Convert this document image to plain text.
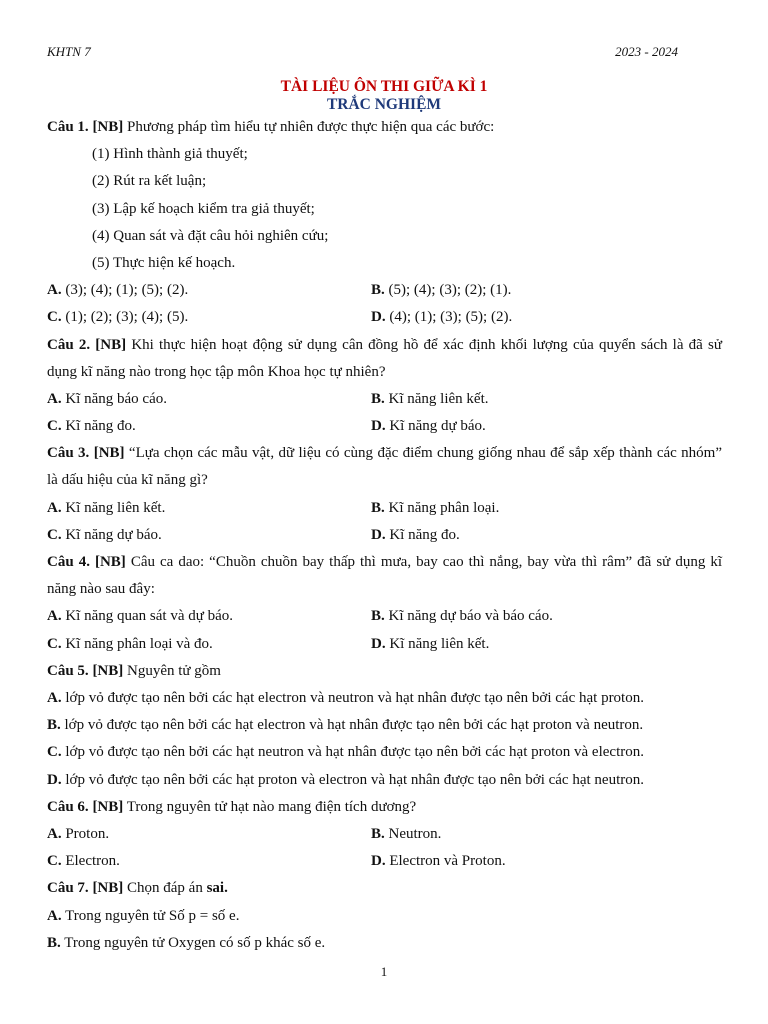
KHTN 7	2023 - 2024
TÀI LIỆU ÔN THI GIỮA KÌ 1
TRẮC NGHIỆM
Câu 1. [NB] Phương pháp tìm hiểu tự nhiên được thực hiện qua các bước:
(1) Hình thành giả thuyết;
(2) Rút ra kết luận;
(3) Lập kế hoạch kiểm tra giả thuyết;
(4) Quan sát và đặt câu hỏi nghiên cứu;
(5) Thực hiện kế hoạch.
A. (3); (4); (1); (5); (2).	B. (5); (4); (3); (2); (1).
C. (1); (2); (3); (4); (5).	D. (4); (1); (3); (5); (2).
Câu 2. [NB] Khi thực hiện hoạt động sử dụng cân đồng hồ để xác định khối lượng của quyển sách là đã sử dụng kĩ năng nào trong học tập môn Khoa học tự nhiên?
A. Kĩ năng báo cáo.	B. Kĩ năng liên kết.
C. Kĩ năng đo.	D. Kĩ năng dự báo.
Câu 3. [NB] “Lựa chọn các mẫu vật, dữ liệu có cùng đặc điểm chung giống nhau để sắp xếp thành các nhóm” là dấu hiệu của kĩ năng gì?
A. Kĩ năng liên kết.	B. Kĩ năng phân loại.
C. Kĩ năng dự báo.	D. Kĩ năng đo.
Câu 4. [NB] Câu ca dao: “Chuồn chuồn bay thấp thì mưa, bay cao thì nắng, bay vừa thì râm” đã sử dụng kĩ năng nào sau đây:
A. Kĩ năng quan sát và dự báo.	B. Kĩ năng dự báo và báo cáo.
C. Kĩ năng phân loại và đo.	D. Kĩ năng liên kết.
Câu 5. [NB] Nguyên tử gồm
A. lớp vỏ được tạo nên bởi các hạt electron và neutron và hạt nhân được tạo nên bởi các hạt proton.
B. lớp vỏ được tạo nên bởi các hạt electron và hạt nhân được tạo nên bởi các hạt proton và neutron.
C. lớp vỏ được tạo nên bởi các hạt neutron và hạt nhân được tạo nên bởi các hạt proton và electron.
D. lớp vỏ được tạo nên bởi các hạt proton và electron và hạt nhân được tạo nên bởi các hạt neutron.
Câu 6. [NB] Trong nguyên tử hạt nào mang điện tích dương?
A. Proton.	B. Neutron.
C. Electron.	D. Electron và Proton.
Câu 7. [NB] Chọn đáp án sai.
A. Trong nguyên tử Số p = số e.
B. Trong nguyên tử Oxygen có số p khác số e.
1
